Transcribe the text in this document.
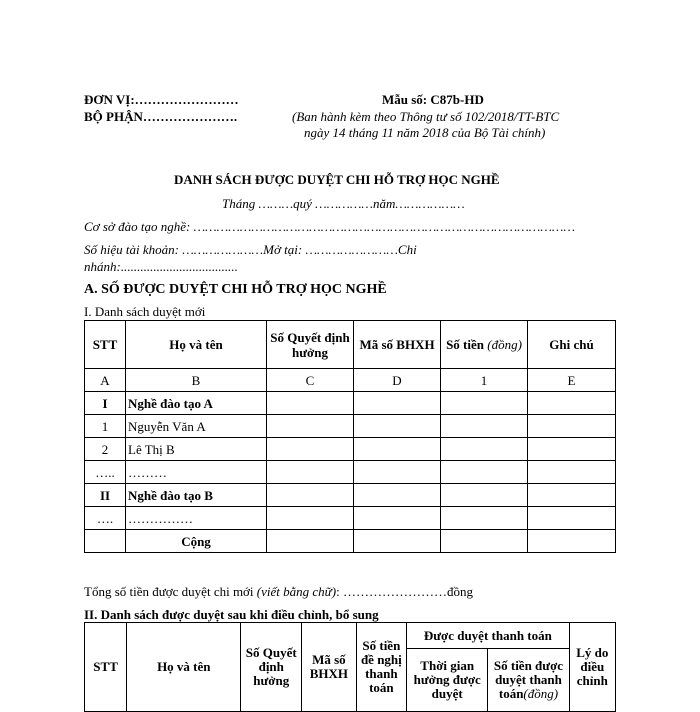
ĐƠN VỊ:……………………
BỘ PHẬN………………….
Mẫu số: C87b-HD
(Ban hành kèm theo Thông tư số 102/2018/TT-BTC
ngày 14 tháng 11 năm 2018 của Bộ Tài chính)
DANH SÁCH ĐƯỢC DUYỆT CHI HỖ TRỢ HỌC NGHỀ
Tháng ………quý ……………năm………………
Cơ sở đào tạo nghề: ………………………………………………………………………………………
Số hiệu tài khoản: …………………Mở tại: ……………………Chi
nhánh:....................................
A. SỐ ĐƯỢC DUYỆT CHI HỖ TRỢ HỌC NGHỀ
I. Danh sách duyệt mới
STT	Họ và tên	Số Quyết định hưởng	Mã số BHXH	Số tiền (đồng)	Ghi chú
A	B	C	D	1	E
I	Nghề đào tạo A				
1	Nguyễn Văn A				
2	Lê Thị B				
…..	………				
II	Nghề đào tạo B				
….	……………				
	Cộng				
Tổng số tiền được duyệt chi mới (viết bằng chữ): ……………………đồng
II. Danh sách được duyệt sau khi điều chỉnh, bổ sung
STT	Họ và tên	Số Quyết định hưởng	Mã số BHXH	Số tiền đề nghị thanh toán	Được duyệt thanh toán		Lý do điều chỉnh
					Thời gian hưởng được duyệt	Số tiền được duyệt thanh toán(đồng)	
